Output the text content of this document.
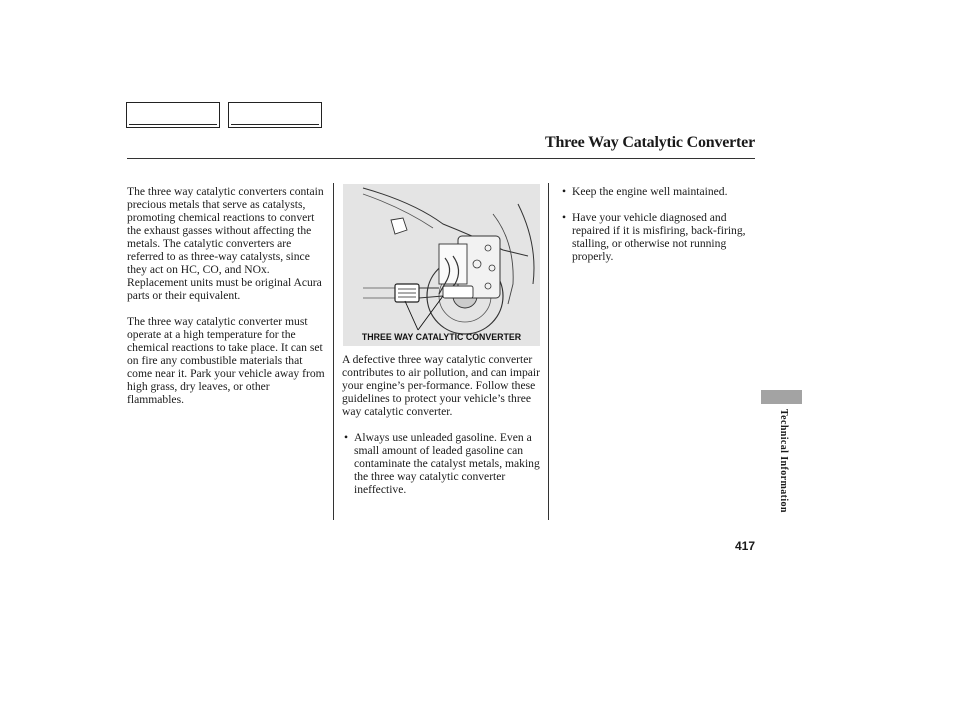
Three Way Catalytic Converter

The three way catalytic converters contain precious metals that serve as catalysts, promoting chemical reactions to convert the exhaust gasses without affecting the metals. The catalytic converters are referred to as three-way catalysts, since they act on HC, CO, and NOx. Replacement units must be original Acura parts or their equivalent.

The three way catalytic converter must operate at a high temperature for the chemical reactions to take place. It can set on fire any combustible materials that come near it. Park your vehicle away from high grass, dry leaves, or other flammables.

THREE WAY CATALYTIC CONVERTER

A defective three way catalytic converter contributes to air pollution, and can impair your engine’s per-formance. Follow these guidelines to protect your vehicle’s three way catalytic converter.

• Always use unleaded gasoline. Even a small amount of leaded gasoline can contaminate the catalyst metals, making the three way catalytic converter ineffective.
• Keep the engine well maintained.
• Have your vehicle diagnosed and repaired if it is misfiring, back-firing, stalling, or otherwise not running properly.
Technical Information
417
